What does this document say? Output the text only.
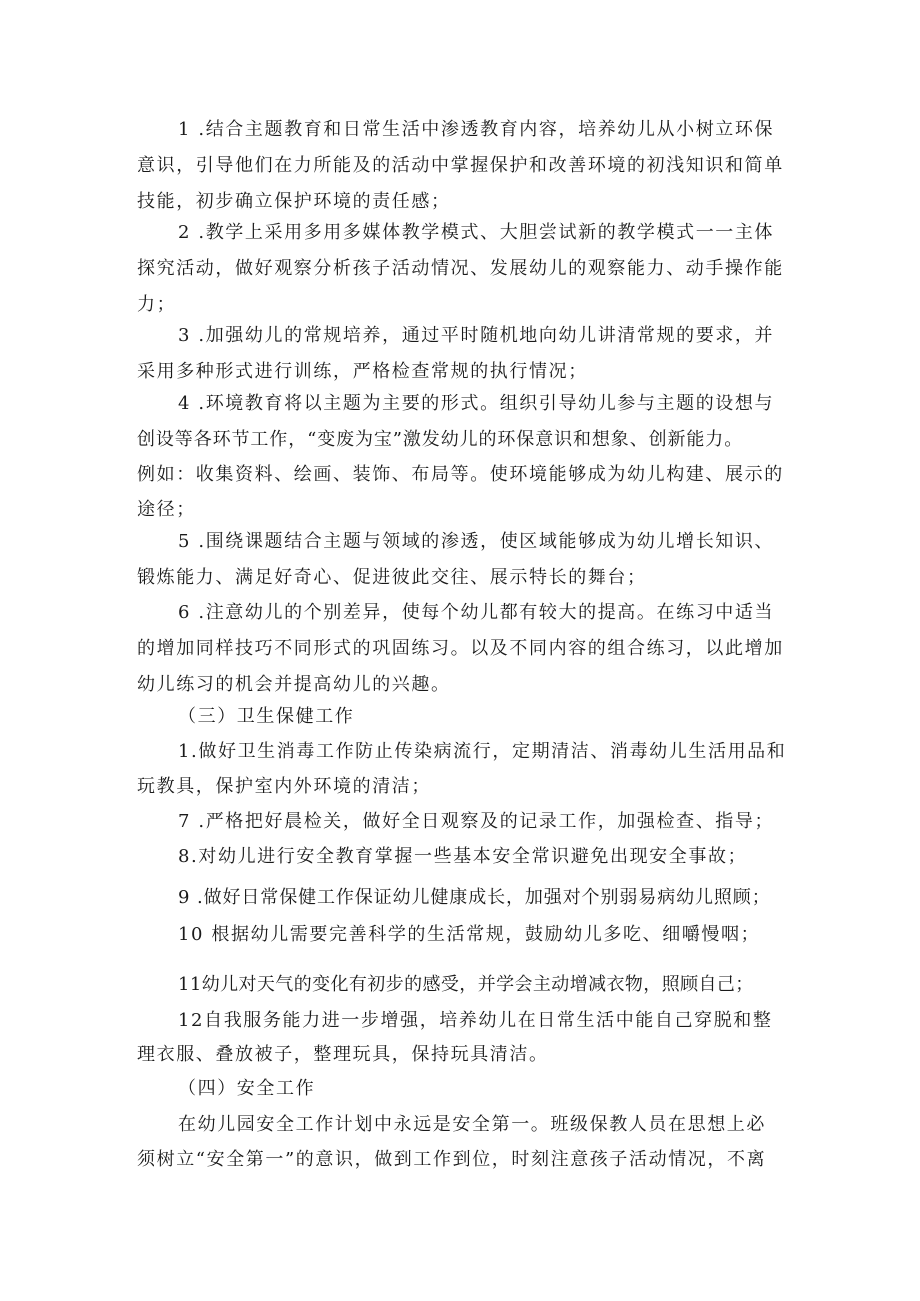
1 .结合主题教育和日常生活中渗透教育内容，培养幼儿从小树立环保
意识，引导他们在力所能及的活动中掌握保护和改善环境的初浅知识和简单
技能，初步确立保护环境的责任感；
2 .教学上采用多用多媒体教学模式、大胆尝试新的教学模式一一主体
探究活动，做好观察分析孩子活动情况、发展幼儿的观察能力、动手操作能
力；
3 .加强幼儿的常规培养，通过平时随机地向幼儿讲清常规的要求，并
采用多种形式进行训练，严格检查常规的执行情况；
4 .环境教育将以主题为主要的形式。组织引导幼儿参与主题的设想与
创设等各环节工作，“变废为宝”激发幼儿的环保意识和想象、创新能力。
例如：收集资料、绘画、装饰、布局等。使环境能够成为幼儿构建、展示的
途径；
5 .围绕课题结合主题与领域的渗透，使区域能够成为幼儿增长知识、
锻炼能力、满足好奇心、促进彼此交往、展示特长的舞台；
6 .注意幼儿的个别差异，使每个幼儿都有较大的提高。在练习中适当
的增加同样技巧不同形式的巩固练习。以及不同内容的组合练习，以此增加
幼儿练习的机会并提高幼儿的兴趣。
（三）卫生保健工作
1.做好卫生消毒工作防止传染病流行，定期清洁、消毒幼儿生活用品和
玩教具，保护室内外环境的清洁；
7 .严格把好晨检关，做好全日观察及的记录工作，加强检查、指导；
8.对幼儿进行安全教育掌握一些基本安全常识避免出现安全事故；
9 .做好日常保健工作保证幼儿健康成长，加强对个别弱易病幼儿照顾；
10 根据幼儿需要完善科学的生活常规，鼓励幼儿多吃、细嚼慢咽；
11幼儿对天气的变化有初步的感受，并学会主动增减衣物，照顾自己；
12自我服务能力进一步增强，培养幼儿在日常生活中能自己穿脱和整
理衣服、叠放被子，整理玩具，保持玩具清洁。
（四）安全工作
在幼儿园安全工作计划中永远是安全第一。班级保教人员在思想上必
须树立“安全第一”的意识，做到工作到位，时刻注意孩子活动情况，不离
